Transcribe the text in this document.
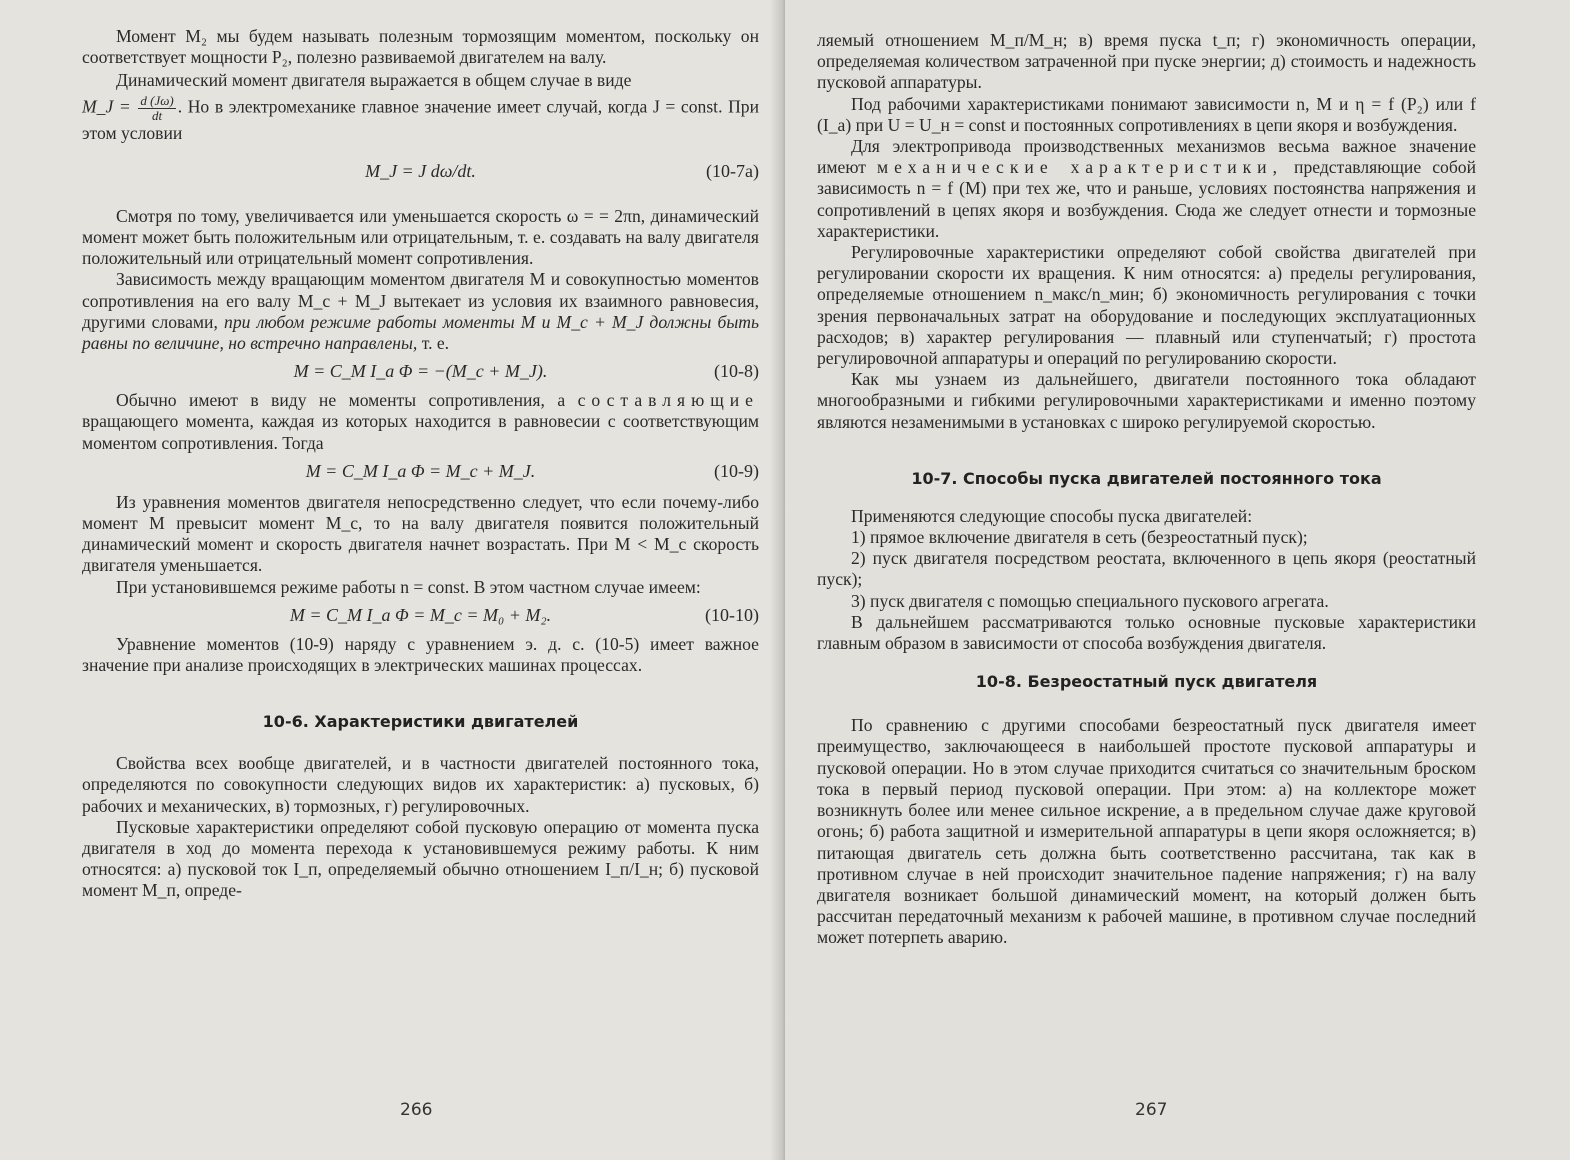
Момент M₂ мы будем называть полезным тормозящим моментом, поскольку он соответствует мощности P₂, полезно развиваемой двигателем на валу.

Динамический момент двигателя выражается в общем случае в виде

M_J = $\frac{d (J\omega)}{dt}$ . Но в электромеханике главное значение имеет случай, когда J = const. При этом условии

M_J = J dω/dt.	(10-7а)

Смотря по тому, увеличивается или уменьшается скорость ω = = 2πn, динамический момент может быть положительным или отрицательным, т. е. создавать на валу двигателя положительный или отрицательный момент сопротивления.

Зависимость между вращающим моментом двигателя M и совокупностью моментов сопротивления на его валу M_c + M_J вытекает из условия их взаимного равновесия, другими словами, при любом режиме работы моменты M и M_c + M_J должны быть равны по величине, но встречно направлены, т. е.

M = C_M I_a Φ = −(M_c + M_J).	(10-8)

Обычно имеют в виду не моменты сопротивления, а составляющие вращающего момента, каждая из которых находится в равновесии с соответствующим моментом сопротивления. Тогда

M = C_M I_a Φ = M_c + M_J.	(10-9)

Из уравнения моментов двигателя непосредственно следует, что если почему-либо момент M превысит момент M_c, то на валу двигателя появится положительный динамический момент и скорость двигателя начнет возрастать. При M < M_c скорость двигателя уменьшается.

При установившемся режиме работы n = const. В этом частном случае имеем:

M = C_M I_a Φ = M_c = M₀ + M₂.	(10-10)

Уравнение моментов (10-9) наряду с уравнением э. д. с. (10-5) имеет важное значение при анализе происходящих в электрических машинах процессах.

10-6. Характеристики двигателей

Свойства всех вообще двигателей, и в частности двигателей постоянного тока, определяются по совокупности следующих видов их характеристик: а) пусковых, б) рабочих и механических, в) тормозных, г) регулировочных.

Пусковые характеристики определяют собой пусковую операцию от момента пуска двигателя в ход до момента перехода к установившемуся режиму работы. К ним относятся: а) пусковой ток I_п, определяемый обычно отношением I_п/I_н; б) пусковой момент M_п, опреде-

266

ляемый отношением M_п/M_н; в) время пуска t_п; г) экономичность операции, определяемая количеством затраченной при пуске энергии; д) стоимость и надежность пусковой аппаратуры.

Под рабочими характеристиками понимают зависимости n, M и η = f (P₂) или f (I_a) при U = U_н = const и постоянных сопротивлениях в цепи якоря и возбуждения.

Для электропривода производственных механизмов весьма важное значение имеют механические характеристики, представляющие собой зависимость n = f (M) при тех же, что и раньше, условиях постоянства напряжения и сопротивлений в цепях якоря и возбуждения. Сюда же следует отнести и тормозные характеристики.

Регулировочные характеристики определяют собой свойства двигателей при регулировании скорости их вращения. К ним относятся: а) пределы регулирования, определяемые отношением n_макс/n_мин; б) экономичность регулирования с точки зрения первоначальных затрат на оборудование и последующих эксплуатационных расходов; в) характер регулирования — плавный или ступенчатый; г) простота регулировочной аппаратуры и операций по регулированию скорости.

Как мы узнаем из дальнейшего, двигатели постоянного тока обладают многообразными и гибкими регулировочными характеристиками и именно поэтому являются незаменимыми в установках с широко регулируемой скоростью.

10-7. Способы пуска двигателей постоянного тока

Применяются следующие способы пуска двигателей:

1) прямое включение двигателя в сеть (безреостатный пуск);

2) пуск двигателя посредством реостата, включенного в цепь якоря (реостатный пуск);

3) пуск двигателя с помощью специального пускового агрегата.

В дальнейшем рассматриваются только основные пусковые характеристики главным образом в зависимости от способа возбуждения двигателя.

10-8. Безреостатный пуск двигателя

По сравнению с другими способами безреостатный пуск двигателя имеет преимущество, заключающееся в наибольшей простоте пусковой аппаратуры и пусковой операции. Но в этом случае приходится считаться со значительным броском тока в первый период пусковой операции. При этом: а) на коллекторе может возникнуть более или менее сильное искрение, а в предельном случае даже круговой огонь; б) работа защитной и измерительной аппаратуры в цепи якоря осложняется; в) питающая двигатель сеть должна быть соответственно рассчитана, так как в противном случае в ней происходит значительное падение напряжения; г) на валу двигателя возникает большой динамический момент, на который должен быть рассчитан передаточный механизм к рабочей машине, в противном случае последний может потерпеть аварию.

267
